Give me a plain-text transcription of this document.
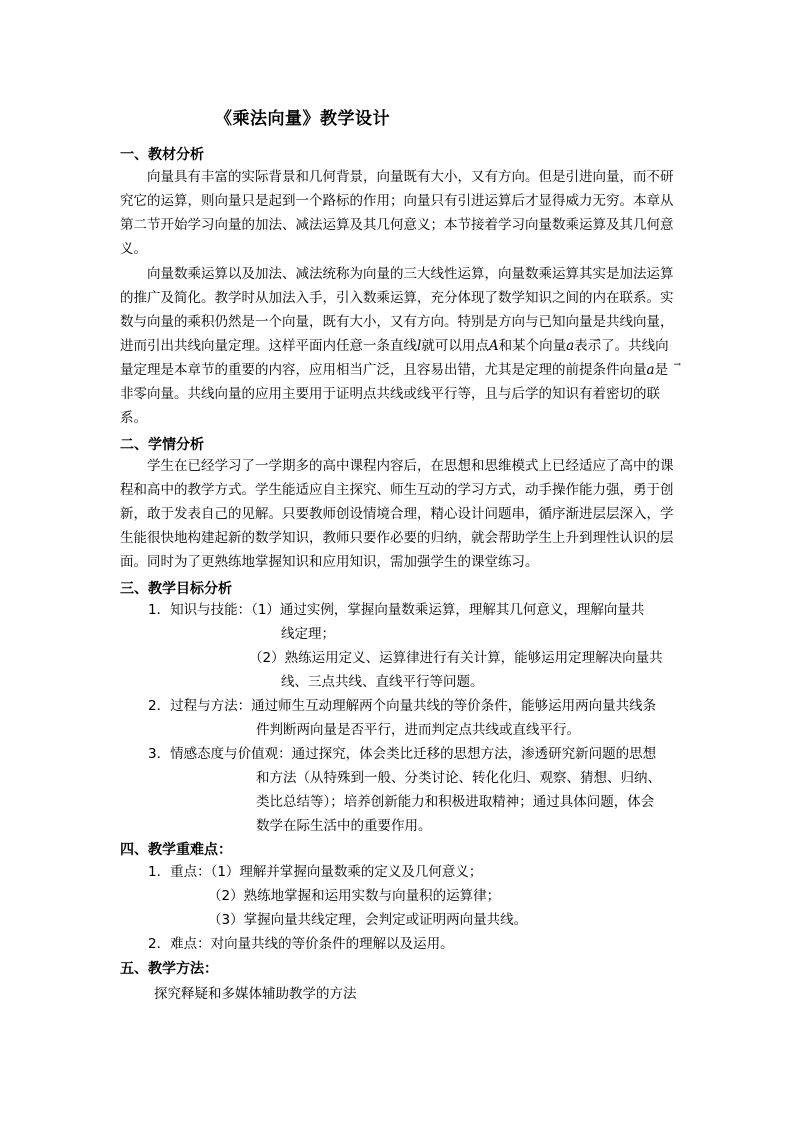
《乘法向量》教学设计
一、教材分析
向量具有丰富的实际背景和几何背景，向量既有大小，又有方向。但是引进向量，而不研究它的运算，则向量只是起到一个路标的作用；向量只有引进运算后才显得威力无穷。本章从第二节开始学习向量的加法、减法运算及其几何意义；本节接着学习向量数乘运算及其几何意义。
向量数乘运算以及加法、减法统称为向量的三大线性运算，向量数乘运算其实是加法运算的推广及简化。教学时从加法入手，引入数乘运算，充分体现了数学知识之间的内在联系。实数与向量的乘积仍然是一个向量，既有大小，又有方向。特别是方向与已知向量是共线向量，进而引出共线向量定理。这样平面内任意一条直线l就可以用点A和某个向量→ a表示了。共线向量定理是本章节的重要的内容，应用相当广泛，且容易出错，尤其是定理的前提条件向量→ a是非零向量。共线向量的应用主要用于证明点共线或线平行等，且与后学的知识有着密切的联系。
二、学情分析
学生在已经学习了一学期多的高中课程内容后，在思想和思维模式上已经适应了高中的课程和高中的教学方式。学生能适应自主探究、师生互动的学习方式，动手操作能力强，勇于创新，敢于发表自己的见解。只要教师创设情境合理，精心设计问题串，循序渐进层层深入，学生能很快地构建起新的数学知识，教师只要作必要的归纳，就会帮助学生上升到理性认识的层面。同时为了更熟练地掌握知识和应用知识，需加强学生的课堂练习。
三、教学目标分析
1．知识与技能：（1）通过实例，掌握向量数乘运算，理解其几何意义，理解向量共
线定理；
（2）熟练运用定义、运算律进行有关计算，能够运用定理解决向量共
线、三点共线、直线平行等问题。
2．过程与方法：通过师生互动理解两个向量共线的等价条件，能够运用两向量共线条
件判断两向量是否平行，进而判定点共线或直线平行。
3．情感态度与价值观：通过探究，体会类比迁移的思想方法，渗透研究新问题的思想
和方法（从特殊到一般、分类讨论、转化化归、观察、猜想、归纳、
类比总结等）；培养创新能力和积极进取精神；通过具体问题，体会
数学在际生活中的重要作用。
四、教学重难点：
1．重点：（1）理解并掌握向量数乘的定义及几何意义；
（2）熟练地掌握和运用实数与向量积的运算律；
（3）掌握向量共线定理，会判定或证明两向量共线。
2．难点：对向量共线的等价条件的理解以及运用。
五、教学方法：
探究释疑和多媒体辅助教学的方法
